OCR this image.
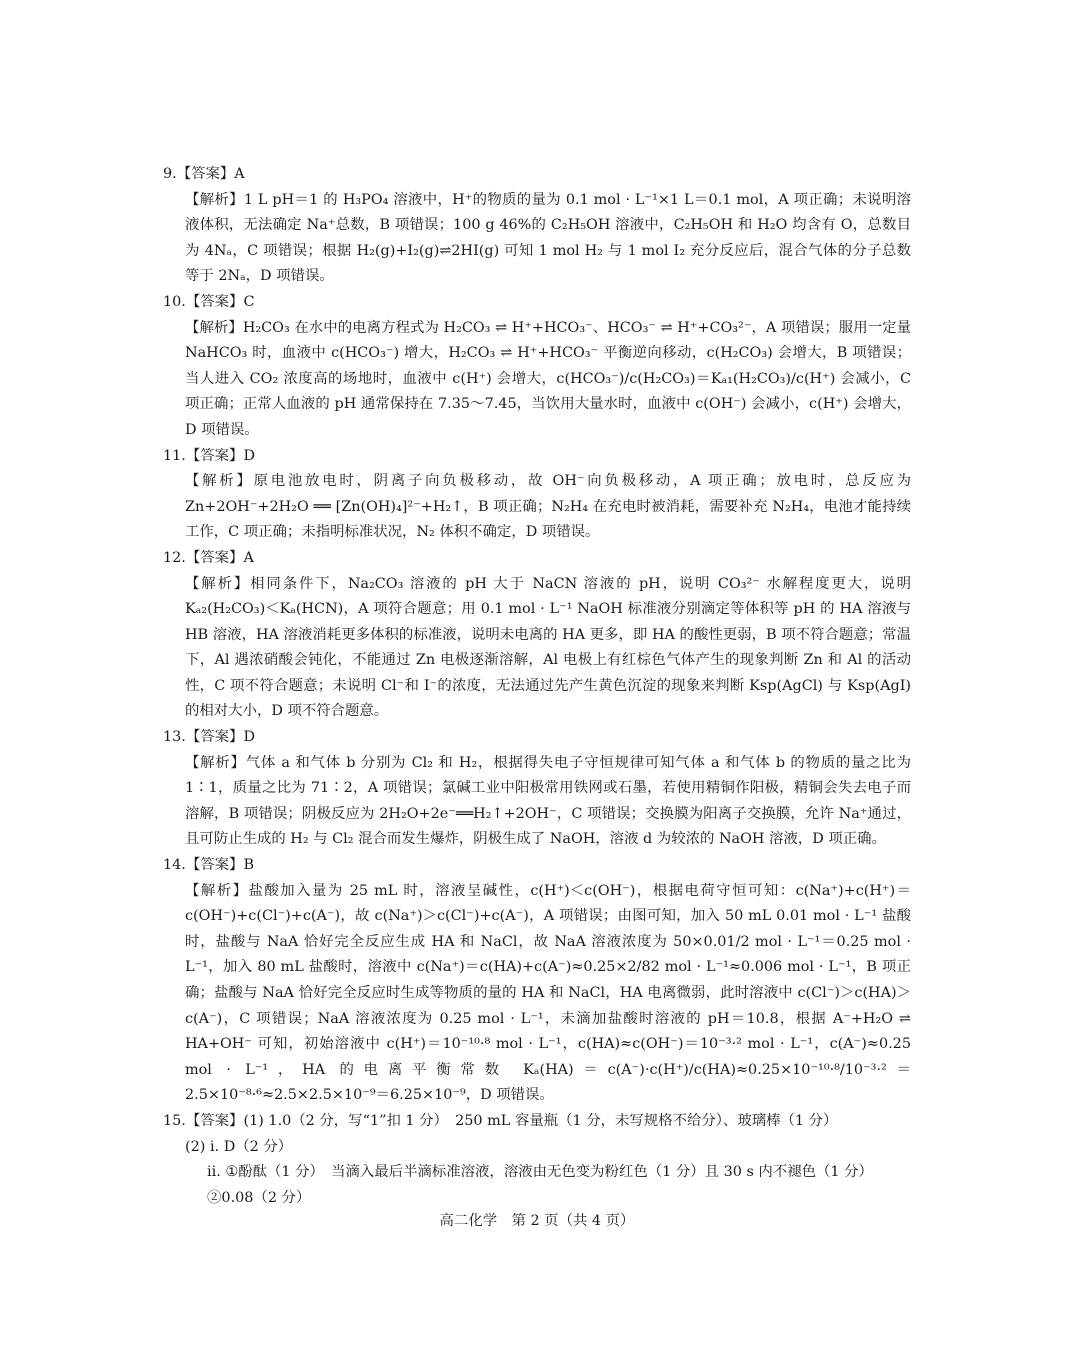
9.【答案】A

【解析】1 L pH＝1 的 H₃PO₄ 溶液中，H⁺的物质的量为 0.1 mol · L⁻¹×1 L＝0.1 mol，A 项正确；未说明溶液体积，无法确定 Na⁺总数，B 项错误；100 g 46%的 C₂H₅OH 溶液中，C₂H₅OH 和 H₂O 均含有 O，总数目为 4Nₐ，C 项错误；根据 H₂(g)+I₂(g)⇌2HI(g) 可知 1 mol H₂ 与 1 mol I₂ 充分反应后，混合气体的分子总数等于 2Nₐ，D 项错误。

10.【答案】C

【解析】H₂CO₃ 在水中的电离方程式为 H₂CO₃ ⇌ H⁺+HCO₃⁻、HCO₃⁻ ⇌ H⁺+CO₃²⁻，A 项错误；服用一定量 NaHCO₃ 时，血液中 c(HCO₃⁻) 增大，H₂CO₃ ⇌ H⁺+HCO₃⁻ 平衡逆向移动，c(H₂CO₃) 会增大，B 项错误；当人进入 CO₂ 浓度高的场地时，血液中 c(H⁺) 会增大，c(HCO₃⁻)/c(H₂CO₃)＝Kₐ₁(H₂CO₃)/c(H⁺) 会减小，C 项正确；正常人血液的 pH 通常保持在 7.35～7.45，当饮用大量水时，血液中 c(OH⁻) 会减小，c(H⁺) 会增大，D 项错误。

11.【答案】D

【解析】原电池放电时，阴离子向负极移动，故 OH⁻向负极移动，A 项正确；放电时，总反应为 Zn+2OH⁻+2H₂O ══ [Zn(OH)₄]²⁻+H₂↑，B 项正确；N₂H₄ 在充电时被消耗，需要补充 N₂H₄，电池才能持续工作，C 项正确；未指明标准状况，N₂ 体积不确定，D 项错误。

12.【答案】A

【解析】相同条件下，Na₂CO₃ 溶液的 pH 大于 NaCN 溶液的 pH，说明 CO₃²⁻ 水解程度更大，说明 Kₐ₂(H₂CO₃)＜Kₐ(HCN)，A 项符合题意；用 0.1 mol · L⁻¹ NaOH 标准液分别滴定等体积等 pH 的 HA 溶液与 HB 溶液，HA 溶液消耗更多体积的标准液，说明未电离的 HA 更多，即 HA 的酸性更弱，B 项不符合题意；常温下，Al 遇浓硝酸会钝化，不能通过 Zn 电极逐渐溶解，Al 电极上有红棕色气体产生的现象判断 Zn 和 Al 的活动性，C 项不符合题意；未说明 Cl⁻和 I⁻的浓度，无法通过先产生黄色沉淀的现象来判断 Ksp(AgCl) 与 Ksp(AgI) 的相对大小，D 项不符合题意。

13.【答案】D

【解析】气体 a 和气体 b 分别为 Cl₂ 和 H₂，根据得失电子守恒规律可知气体 a 和气体 b 的物质的量之比为 1∶1，质量之比为 71∶2，A 项错误；氯碱工业中阳极常用铁网或石墨，若使用精铜作阳极，精铜会失去电子而溶解，B 项错误；阴极反应为 2H₂O+2e⁻══H₂↑+2OH⁻，C 项错误；交换膜为阳离子交换膜，允许 Na⁺通过，且可防止生成的 H₂ 与 Cl₂ 混合而发生爆炸，阴极生成了 NaOH，溶液 d 为较浓的 NaOH 溶液，D 项正确。

14.【答案】B

【解析】盐酸加入量为 25 mL 时，溶液呈碱性，c(H⁺)＜c(OH⁻)，根据电荷守恒可知：c(Na⁺)+c(H⁺)＝c(OH⁻)+c(Cl⁻)+c(A⁻)，故 c(Na⁺)＞c(Cl⁻)+c(A⁻)，A 项错误；由图可知，加入 50 mL 0.01 mol · L⁻¹ 盐酸时，盐酸与 NaA 恰好完全反应生成 HA 和 NaCl，故 NaA 溶液浓度为 50×0.01/2 mol · L⁻¹＝0.25 mol · L⁻¹，加入 80 mL 盐酸时，溶液中 c(Na⁺)＝c(HA)+c(A⁻)≈0.25×2/82 mol · L⁻¹≈0.006 mol · L⁻¹，B 项正确；盐酸与 NaA 恰好完全反应时生成等物质的量的 HA 和 NaCl，HA 电离微弱，此时溶液中 c(Cl⁻)＞c(HA)＞c(A⁻)，C 项错误；NaA 溶液浓度为 0.25 mol · L⁻¹，未滴加盐酸时溶液的 pH＝10.8，根据 A⁻+H₂O ⇌ HA+OH⁻ 可知，初始溶液中 c(H⁺)＝10⁻¹⁰·⁸ mol · L⁻¹，c(HA)≈c(OH⁻)＝10⁻³·² mol · L⁻¹，c(A⁻)≈0.25 mol · L⁻¹，HA 的电离平衡常数 Kₐ(HA)＝c(A⁻)·c(H⁺)/c(HA)≈0.25×10⁻¹⁰·⁸/10⁻³·²＝2.5×10⁻⁸·⁶≈2.5×2.5×10⁻⁹＝6.25×10⁻⁹，D 项错误。

15.【答案】(1) 1.0（2 分，写“1”扣 1 分）　250 mL 容量瓶（1 分，未写规格不给分）、玻璃棒（1 分）

(2) i. D（2 分）

ii. ①酚酞（1 分）　当滴入最后半滴标准溶液，溶液由无色变为粉红色（1 分）且 30 s 内不褪色（1 分）

②0.08（2 分）

高二化学　第 2 页（共 4 页）
